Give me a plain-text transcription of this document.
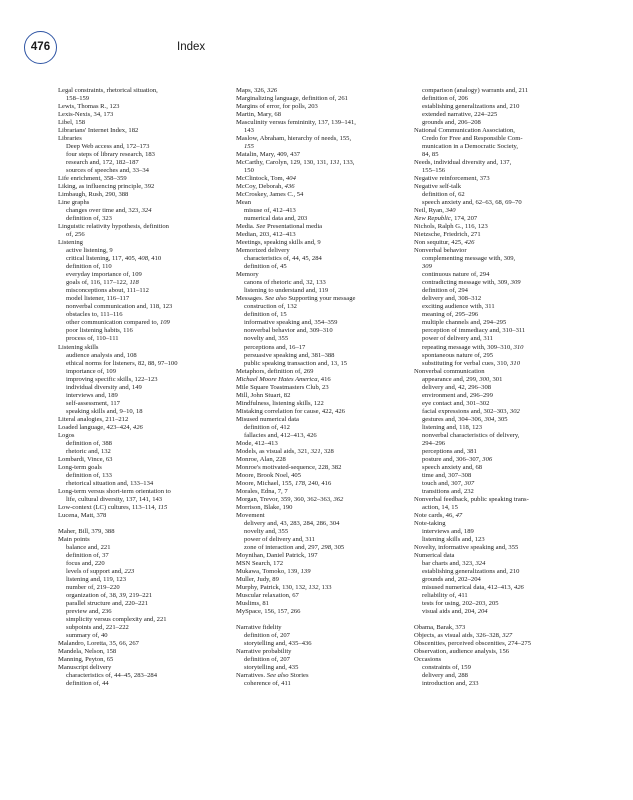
476	Index
Legal constraints, rhetorical situation,
158–159
Lewis, Thomas R., 123
Lexis-Nexis, 34, 173
Libel, 158
Librarians' Internet Index, 182
Libraries
Deep Web access and, 172–173
four steps of library research, 183
research and, 172, 182–187
sources of speeches and, 33–34
Life enrichment, 358–359
Liking, as influencing principle, 392
Limbaugh, Rush, 290, 388
Line graphs
changes over time and, 323, 324
definition of, 323
Linguistic relativity hypothesis, definition
of, 256
Listening
active listening, 9
critical listening, 117, 405, 408, 410
definition of, 110
everyday importance of, 109
goals of, 116, 117–122, 118
misconceptions about, 111–112
model listener, 116–117
nonverbal communication and, 118, 123
obstacles to, 111–116
other communication compared to, 109
poor listening habits, 116
process of, 110–111
Listening skills
audience analysis and, 108
ethical norms for listeners, 82, 88, 97–100
importance of, 109
improving specific skills, 122–123
individual diversity and, 149
interviews and, 189
self-assessment, 117
speaking skills and, 9–10, 18
Literal analogies, 211–212
Loaded language, 423–424, 426
Logos
definition of, 388
rhetoric and, 132
Lombardi, Vince, 63
Long-term goals
definition of, 133
rhetorical situation and, 133–134
Long-term versus short-term orientation to
life, cultural diversity, 137, 141, 143
Low-context (LC) cultures, 113–114, 115
Lucena, Matt, 378
Maher, Bill, 379, 388
Main points
balance and, 221
definition of, 37
focus and, 220
levels of support and, 223
listening and, 119, 123
number of, 219–220
organization of, 38, 39, 219–221
parallel structure and, 220–221
preview and, 236
simplicity versus complexity and, 221
subpoints and, 221–222
summary of, 40
Malandro, Loretta, 35, 66, 267
Mandela, Nelson, 158
Manning, Peyton, 65
Manuscript delivery
characteristics of, 44–45, 283–284
definition of, 44
Maps, 326, 326
Marginalizing language, definition of, 261
Margins of error, for polls, 203
Martin, Mary, 68
Masculinity versus femininity, 137, 139–141,
143
Maslow, Abraham, hierarchy of needs, 155,
155
Matalin, Mary, 409, 437
McCarthy, Carolyn, 129, 130, 131, 131, 133,
150
McClintock, Tom, 404
McCoy, Deborah, 436
McCroskey, James C., 54
Mean
misuse of, 412–413
numerical data and, 203
Media. See Presentational media
Median, 203, 412–413
Meetings, speaking skills and, 9
Memorized delivery
characteristics of, 44, 45, 284
definition of, 45
Memory
canons of rhetoric and, 32, 133
listening to understand and, 119
Messages. See also Supporting your message
construction of, 132
definition of, 15
informative speaking and, 354–359
nonverbal behavior and, 309–310
novelty and, 355
perceptions and, 16–17
persuasive speaking and, 381–388
public speaking transaction and, 13, 15
Metaphors, definition of, 269
Michael Moore Hates America, 416
Mile Square Toastmasters Club, 23
Mill, John Stuart, 82
Mindfulness, listening skills, 122
Mistaking correlation for cause, 422, 426
Misused numerical data
definition of, 412
fallacies and, 412–413, 426
Mode, 412–413
Models, as visual aids, 321, 321, 328
Monroe, Alan, 228
Monroe's motivated-sequence, 228, 382
Moore, Brook Noel, 405
Moore, Michael, 155, 178, 240, 416
Morales, Edna, 7, 7
Morgan, Trevor, 359, 360, 362–363, 362
Morrison, Blake, 190
Movement
delivery and, 43, 283, 284, 286, 304
novelty and, 355
power of delivery and, 311
zone of interaction and, 297, 298, 305
Moynihan, Daniel Patrick, 197
MSN Search, 172
Mukawa, Tomoko, 139, 139
Muller, Judy, 89
Murphy, Patrick, 130, 132, 132, 133
Muscular relaxation, 67
Muslims, 81
MySpace, 156, 157, 266
Narrative fidelity
definition of, 207
storytelling and, 435–436
Narrative probability
definition of, 207
storytelling and, 435
Narratives. See also Stories
coherence of, 411
comparison (analogy) warrants and, 211
definition of, 206
establishing generalizations and, 210
extended narrative, 224–225
grounds and, 206–208
National Communication Association,
Credo for Free and Responsible Com-
munication in a Democratic Society,
84, 85
Needs, individual diversity and, 137,
155–156
Negative reinforcement, 373
Negative self-talk
definition of, 62
speech anxiety and, 62–63, 68, 69–70
Neil, Ryan, 340
New Republic, 174, 207
Nichols, Ralph G., 116, 123
Nietzsche, Friedrich, 271
Non sequitur, 425, 426
Nonverbal behavior
complementing message with, 309,
309
continuous nature of, 294
contradicting message with, 309, 309
definition of, 294
delivery and, 308–312
exciting audience with, 311
meaning of, 295–296
multiple channels and, 294–295
perception of immediacy and, 310–311
power of delivery and, 311
repeating message with, 309–310, 310
spontaneous nature of, 295
substituting for verbal cues, 310, 310
Nonverbal communication
appearance and, 299, 300, 301
delivery and, 42, 296–308
environment and, 296–299
eye contact and, 301–302
facial expressions and, 302–303, 302
gestures and, 304–306, 304, 305
listening and, 118, 123
nonverbal characteristics of delivery,
294–296
perceptions and, 381
posture and, 306–307, 306
speech anxiety and, 68
time and, 307–308
touch and, 307, 307
transitions and, 232
Nonverbal feedback, public speaking trans-
action, 14, 15
Note cards, 46, 47
Note-taking
interviews and, 189
listening skills and, 123
Novelty, informative speaking and, 355
Numerical data
bar charts and, 323, 324
establishing generalizations and, 210
grounds and, 202–204
misused numerical data, 412–413, 426
reliability of, 411
tests for using, 202–203, 205
visual aids and, 204, 204
Obama, Barak, 373
Objects, as visual aids, 326–328, 327
Obscenities, perceived obscenities, 274–275
Observation, audience analysis, 156
Occasions
constraints of, 159
delivery and, 288
introduction and, 233
